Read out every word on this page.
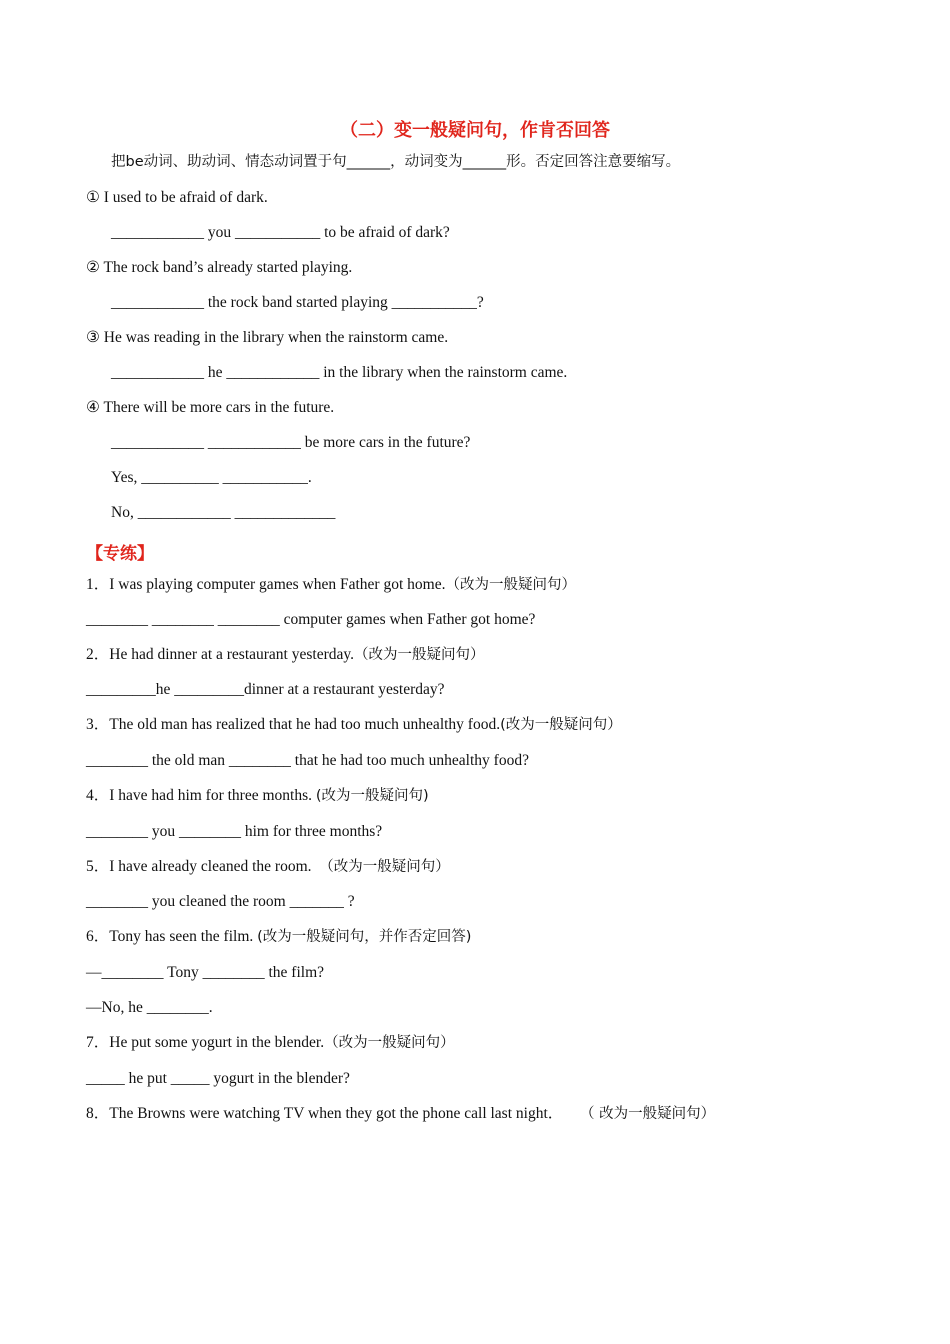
（二）变一般疑问句，作肯否回答
把be动词、助动词、情态动词置于句______，动词变为______形。否定回答注意要缩写。
① I used to be afraid of dark.
____________ you ___________ to be afraid of dark?
② The rock band’s already started playing.
____________ the rock band started playing ___________?
③ He was reading in the library when the rainstorm came.
____________ he ____________ in the library when the rainstorm came.
④ There will be more cars in the future.
____________ ____________ be more cars in the future?
Yes, __________ ___________.
No, ____________ _____________
【专练】
1．I was playing computer games when Father got home.（改为一般疑问句）
________ ________ ________ computer games when Father got home?
2．He had dinner at a restaurant yesterday.（改为一般疑问句）
_________he _________dinner at a restaurant yesterday?
3．The old man has realized that he had too much unhealthy food.(改为一般疑问句）
________ the old man ________ that he had too much unhealthy food?
4．I have had him for three months. (改为一般疑问句)
________ you ________ him for three months?
5．I have already cleaned the room.  （改为一般疑问句）
________ you cleaned the room _______ ?
6．Tony has seen the film. (改为一般疑问句，并作否定回答)
—________ Tony ________ the film?
—No, he ________.
7．He put some yogurt in the blender.（改为一般疑问句）
_____ he put _____ yogurt in the blender?
8．The Browns were watching TV when they got the phone call last night． （ 改为一般疑问句）
